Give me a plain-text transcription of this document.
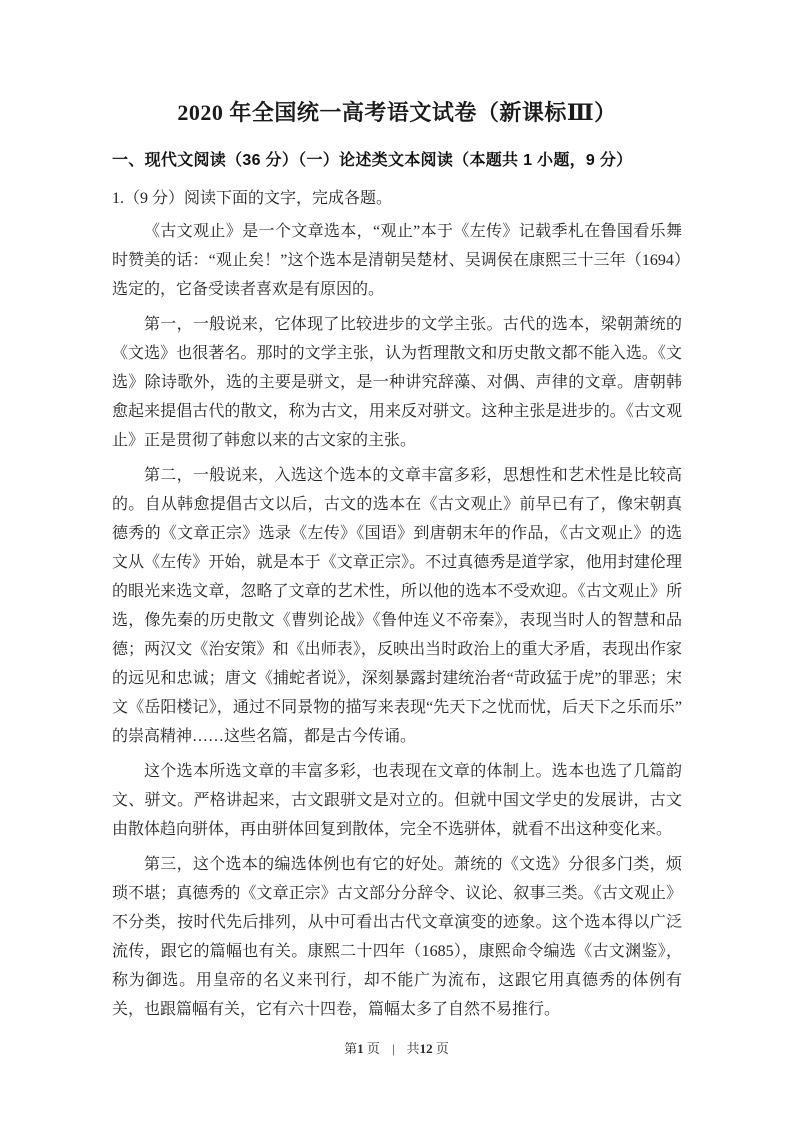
2020 年全国统一高考语文试卷（新课标Ⅲ）
一、现代文阅读（36 分）（一）论述类文本阅读（本题共 1 小题，9 分）
1.（9 分）阅读下面的文字，完成各题。

《古文观止》是一个文章选本，“观止”本于《左传》记载季札在鲁国看乐舞时赞美的话：“观止矣！”这个选本是清朝吴楚材、吴调侯在康熙三十三年（1694）选定的，它备受读者喜欢是有原因的。

第一，一般说来，它体现了比较进步的文学主张。古代的选本，梁朝萧统的《文选》也很著名。那时的文学主张，认为哲理散文和历史散文都不能入选。《文选》除诗歌外，选的主要是骈文，是一种讲究辞藻、对偶、声律的文章。唐朝韩愈起来提倡古代的散文，称为古文，用来反对骈文。这种主张是进步的。《古文观止》正是贯彻了韩愈以来的古文家的主张。

第二，一般说来，入选这个选本的文章丰富多彩，思想性和艺术性是比较高的。自从韩愈提倡古文以后，古文的选本在《古文观止》前早已有了，像宋朝真德秀的《文章正宗》选录《左传》《国语》到唐朝末年的作品，《古文观止》的选文从《左传》开始，就是本于《文章正宗》。不过真德秀是道学家，他用封建伦理的眼光来选文章，忽略了文章的艺术性，所以他的选本不受欢迎。《古文观止》所选，像先秦的历史散文《曹刿论战》《鲁仲连义不帝秦》，表现当时人的智慧和品德；两汉文《治安策》和《出师表》，反映出当时政治上的重大矛盾，表现出作家的远见和忠诚；唐文《捕蛇者说》，深刻暴露封建统治者“苛政猛于虎”的罪恶；宋文《岳阳楼记》，通过不同景物的描写来表现“先天下之忧而忧，后天下之乐而乐”的崇高精神……这些名篇，都是古今传诵。

这个选本所选文章的丰富多彩，也表现在文章的体制上。选本也选了几篇韵文、骈文。严格讲起来，古文跟骈文是对立的。但就中国文学史的发展讲，古文由散体趋向骈体，再由骈体回复到散体，完全不选骈体，就看不出这种变化来。

第三，这个选本的编选体例也有它的好处。萧统的《文选》分很多门类，烦琐不堪；真德秀的《文章正宗》古文部分分辞令、议论、叙事三类。《古文观止》不分类，按时代先后排列，从中可看出古代文章演变的迹象。这个选本得以广泛流传，跟它的篇幅也有关。康熙二十四年（1685），康熙命令编选《古文渊鉴》，称为御选。用皇帝的名义来刊行，却不能广为流布，这跟它用真德秀的体例有关，也跟篇幅有关，它有六十四卷，篇幅太多了自然不易推行。

第1 页 | 共12 页
